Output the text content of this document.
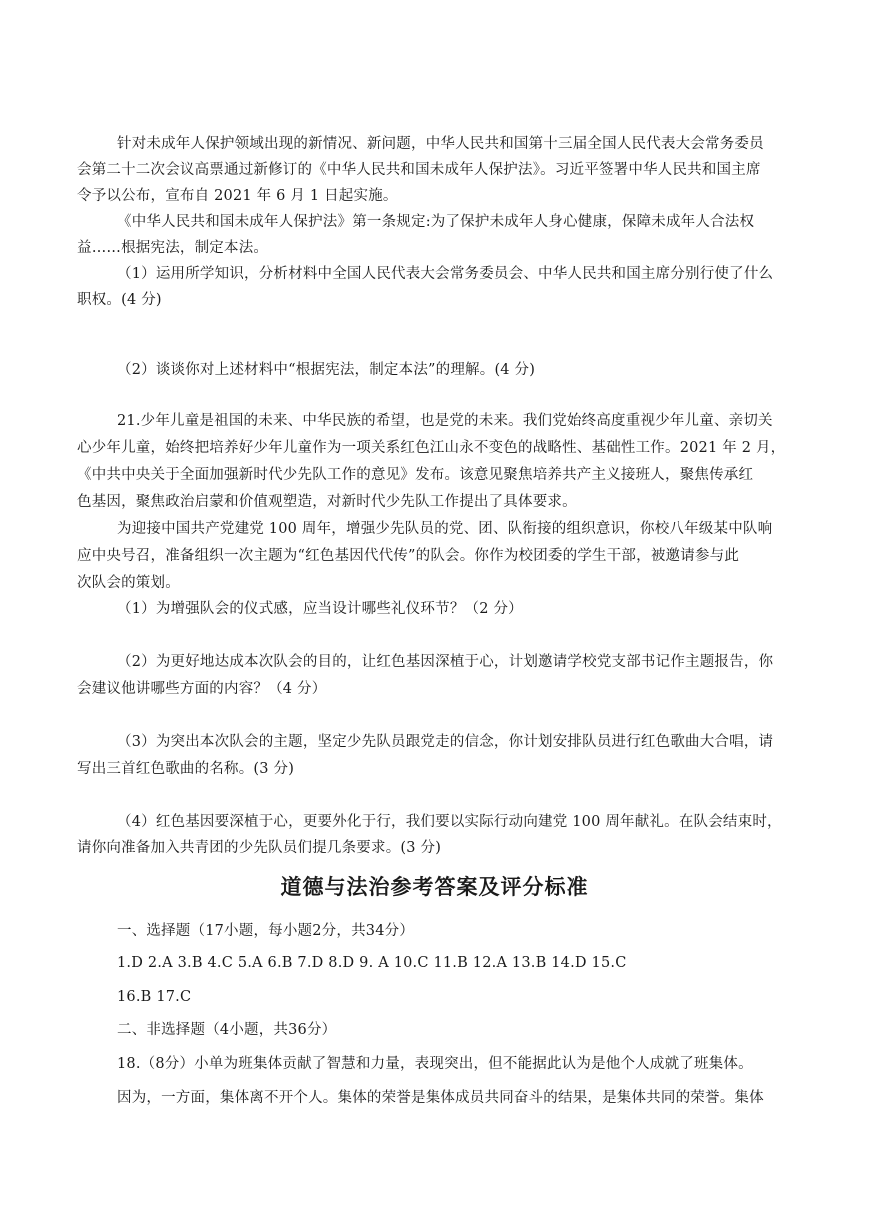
针对未成年人保护领域出现的新情况、新问题，中华人民共和国第十三届全国人民代表大会常务委员
会第二十二次会议高票通过新修订的《中华人民共和国未成年人保护法》。习近平签署中华人民共和国主席
令予以公布，宣布自 2021 年 6 月 1 日起实施。
《中华人民共和国未成年人保护法》第一条规定:为了保护未成年人身心健康，保障未成年人合法权
益……根据宪法，制定本法。
（1）运用所学知识，分析材料中全国人民代表大会常务委员会、中华人民共和国主席分别行使了什么
职权。(4 分)
（2）谈谈你对上述材料中“根据宪法，制定本法”的理解。(4 分)
21.少年儿童是祖国的未来、中华民族的希望，也是党的未来。我们党始终高度重视少年儿童、亲切关
心少年儿童，始终把培养好少年儿童作为一项关系红色江山永不变色的战略性、基础性工作。2021 年 2 月，
《中共中央关于全面加强新时代少先队工作的意见》发布。该意见聚焦培养共产主义接班人，聚焦传承红
色基因，聚焦政治启蒙和价值观塑造，对新时代少先队工作提出了具体要求。
为迎接中国共产党建党 100 周年，增强少先队员的党、团、队衔接的组织意识，你校八年级某中队响
应中央号召，准备组织一次主题为“红色基因代代传”的队会。你作为校团委的学生干部，被邀请参与此
次队会的策划。
（1）为增强队会的仪式感，应当设计哪些礼仪环节？（2 分）
（2）为更好地达成本次队会的目的，让红色基因深植于心，计划邀请学校党支部书记作主题报告，你
会建议他讲哪些方面的内容？（4 分）
（3）为突出本次队会的主题，坚定少先队员跟党走的信念，你计划安排队员进行红色歌曲大合唱，请
写出三首红色歌曲的名称。(3 分)
（4）红色基因要深植于心，更要外化于行，我们要以实际行动向建党 100 周年献礼。在队会结束时，
请你向准备加入共青团的少先队员们提几条要求。(3 分)
道德与法治参考答案及评分标准
一、选择题（17小题，每小题2分，共34分）
1.D 2.A 3.B 4.C 5.A 6.B 7.D 8.D 9. A 10.C 11.B 12.A 13.B 14.D 15.C
16.B 17.C
二、非选择题（4小题，共36分）
18.（8分）小单为班集体贡献了智慧和力量，表现突出，但不能据此认为是他个人成就了班集体。
因为，一方面，集体离不开个人。集体的荣誉是集体成员共同奋斗的结果，是集体共同的荣誉。集体
